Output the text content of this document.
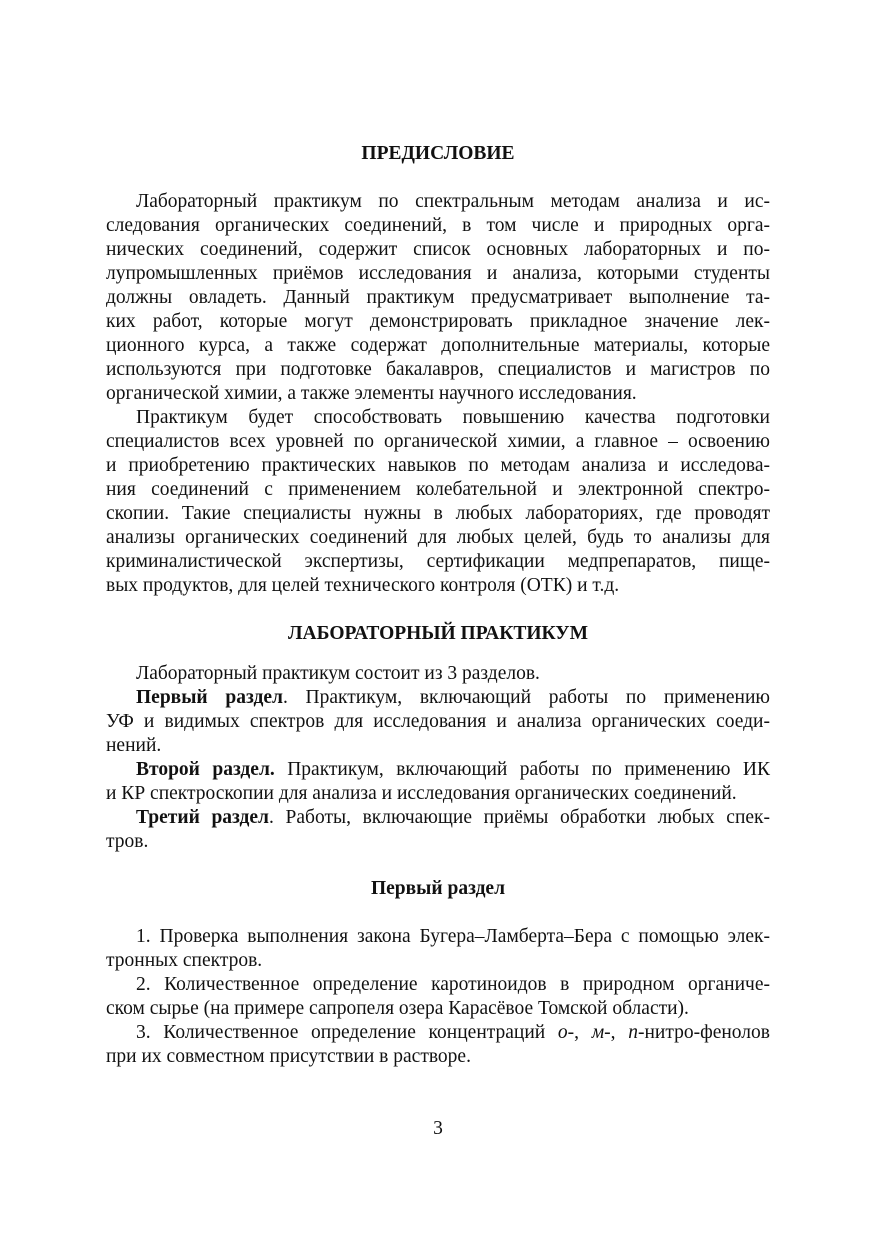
ПРЕДИСЛОВИЕ

Лабораторный практикум по спектральным методам анализа и ис-

следования органических соединений, в том числе и природных орга-

нических соединений, содержит список основных лабораторных и по-

лупромышленных приёмов исследования и анализа, которыми студенты

должны овладеть. Данный практикум предусматривает выполнение та-

ких работ, которые могут демонстрировать прикладное значение лек-

ционного курса, а также содержат дополнительные материалы, которые

используются при подготовке бакалавров, специалистов и магистров по

органической химии, а также элементы научного исследования.

Практикум будет способствовать повышению качества подготовки

специалистов всех уровней по органической химии, а главное – освоению

и приобретению практических навыков по методам анализа и исследова-

ния соединений с применением колебательной и электронной спектро-

скопии. Такие специалисты нужны в любых лабораториях, где проводят

анализы органических соединений для любых целей, будь то анализы для

криминалистической экспертизы, сертификации медпрепаратов, пище-

вых продуктов, для целей технического контроля (ОТК) и т.д.

ЛАБОРАТОРНЫЙ ПРАКТИКУМ

Лабораторный практикум состоит из 3 разделов.

Первый раздел. Практикум, включающий работы по применению

УФ и видимых спектров для исследования и анализа органических соеди-

нений.

Второй раздел. Практикум, включающий работы по применению ИК

и КР спектроскопии для анализа и исследования органических соединений.

Третий раздел. Работы, включающие приёмы обработки любых спек-

тров.

Первый раздел

1. Проверка выполнения закона Бугера–Ламберта–Бера с помощью элек-

тронных спектров.

2. Количественное определение каротиноидов в природном органиче-

ском сырье (на примере сапропеля озера Карасёвое Томской области).

3. Количественное определение концентраций о-, м-, п-нитро-фенолов

при их совместном присутствии в растворе.

3
